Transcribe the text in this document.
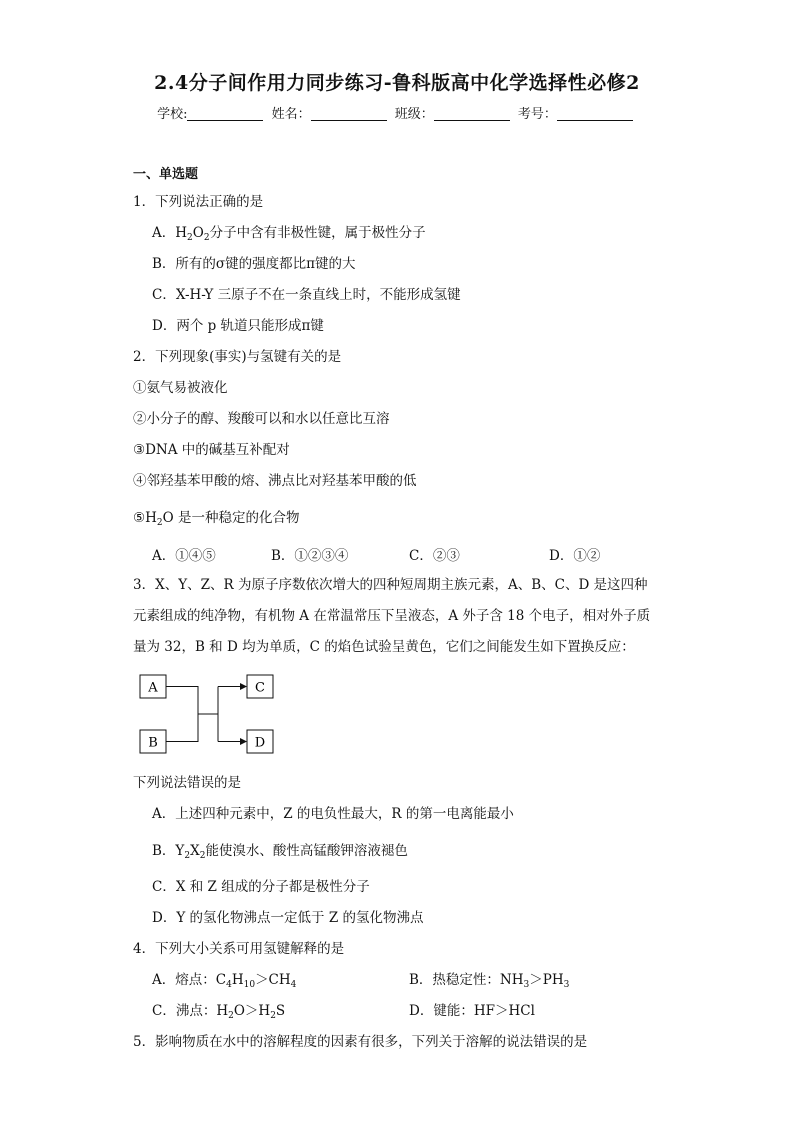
2.4分子间作用力同步练习-鲁科版高中化学选择性必修2
学校:	姓名：	班级：	考号：
一、单选题
1．下列说法正确的是
A．$H_2O_2$分子中含有非极性键，属于极性分子
B．所有的σ键的强度都比π键的大
C．X-H-Y 三原子不在一条直线上时，不能形成氢键
D．两个 p 轨道只能形成π键
2．下列现象(事实)与氢键有关的是
①氨气易被液化
②小分子的醇、羧酸可以和水以任意比互溶
③DNA 中的碱基互补配对
④邻羟基苯甲酸的熔、沸点比对羟基苯甲酸的低
$⑤H_2O$ 是一种稳定的化合物
A．①④⑤	B．①②③④	C．②③	D．①②
3．X、Y、Z、R 为原子序数依次增大的四种短周期主族元素，A、B、C、D 是这四种
元素组成的纯净物，有机物 A 在常温常压下呈液态，A 外子含 18 个电子，相对外子质
量为 32，B 和 D 均为单质，C 的焰色试验呈黄色，它们之间能发生如下置换反应：
A
B
C
D
下列说法错误的是
A．上述四种元素中，Z 的电负性最大，R 的第一电离能最小
B．$Y_2X_2$能使溴水、酸性高锰酸钾溶液褪色
C．X 和 Z 组成的分子都是极性分子
D．Y 的氢化物沸点一定低于 Z 的氢化物沸点
4．下列大小关系可用氢键解释的是
A．熔点：$C_4H_{10}>CH_4$	B．热稳定性：$NH_3>PH_3$
C．沸点：$H_2O>H_2S$	D．键能：HF＞HCl
5．影响物质在水中的溶解程度的因素有很多，下列关于溶解的说法错误的是
